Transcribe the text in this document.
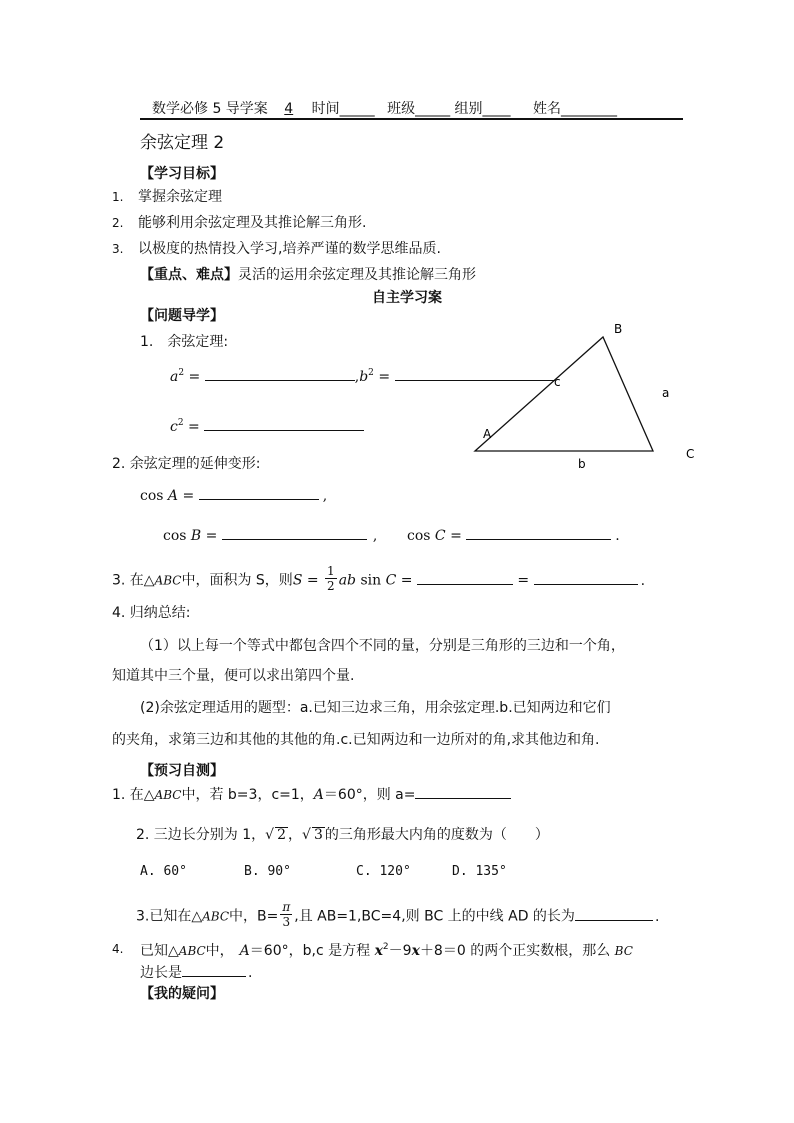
数学必修 5 导学案 4 时间_____ 班级_____ 组别____ 姓名________
余弦定理 2
【学习目标】
1. 掌握余弦定理
2. 能够利用余弦定理及其推论解三角形.
3. 以极度的热情投入学习,培养严谨的数学思维品质.
【重点、难点】灵活的运用余弦定理及其推论解三角形
自主学习案
【问题导学】
1.　余弦定理:
$a^2$ =	$,b^2$ =
$c^2$ =
B
c
a
A
C
b
2. 余弦定理的延伸变形:
cos A =	,
cos B =	, cos C =	.
3. 在△ABC中，面积为 S，则$S = \frac{1}{2}$ ab sin C =	=	.
4. 归纳总结:
（1）以上每一个等式中都包含四个不同的量，分别是三角形的三边和一个角，
知道其中三个量，便可以求出第四个量.
(2)余弦定理适用的题型：a.已知三边求三角，用余弦定理.b.已知两边和它们
的夹角，求第三边和其他的其他的角.c.已知两边和一边所对的角,求其他边和角.
【预习自测】
1. 在△ABC中，若 b=3，c=1，A＝60°，则 a=
2. 三边长分别为 1，√ 2 ，√ 3 的三角形最大内角的度数为（　　）
A. 60°	B. 90°	C. 120°	D. 135°
3.已知在△ABC中，$B= \frac{\pi}{3}$ ,且 AB=1,BC=4,则 BC 上的中线 AD 的长为	.
4. 已知△ABC中， A＝60°，b,c 是方程 $x^2-9x+8=0$ 的两个正实数根，那么 BC
边长是	.
【我的疑问】
